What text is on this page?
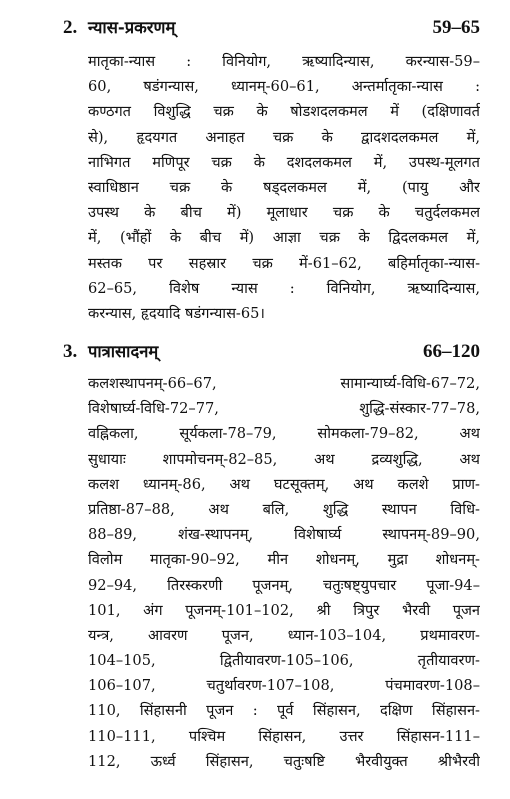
2. न्यास-प्रकरणम्	59–65
मातृका-न्यास : विनियोग, ऋष्यादिन्यास, करन्यास-59–
60, षडंगन्यास, ध्यानम्-60–61, अन्तर्मातृका-न्यास :
कण्ठगत विशुद्धि चक्र के षोडशदलकमल में (दक्षिणावर्त
से), हृदयगत अनाहत चक्र के द्वादशदलकमल में,
नाभिगत मणिपूर चक्र के दशदलकमल में, उपस्थ-मूलगत
स्वाधिष्ठान चक्र के षड्दलकमल में, (पायु और
उपस्थ के बीच में) मूलाधार चक्र के चतुर्दलकमल
में, (भौंहों के बीच में) आज्ञा चक्र के द्विदलकमल में,
मस्तक पर सहस्रार चक्र में-61–62, बहिर्मातृका-न्यास-
62–65, विशेष न्यास : विनियोग, ऋष्यादिन्यास,
करन्यास, हृदयादि षडंगन्यास-65।
3. पात्रासादनम्	66–120
कलशस्थापनम्-66–67, सामान्यार्घ्य-विधि-67–72,
विशेषार्घ्य-विधि-72–77, शुद्धि-संस्कार-77–78,
वह्निकला, सूर्यकला-78–79, सोमकला-79–82, अथ
सुधायाः शापमोचनम्-82–85, अथ द्रव्यशुद्धि, अथ
कलश ध्यानम्-86, अथ घटसूक्तम्, अथ कलशे प्राण-
प्रतिष्ठा-87–88, अथ बलि, शुद्धि स्थापन विधि-
88–89, शंख-स्थापनम्, विशेषार्घ्य स्थापनम्-89–90,
विलोम मातृका-90–92, मीन शोधनम्, मुद्रा शोधनम्-
92–94, तिरस्करणी पूजनम्, चतुःषष्ट्युपचार पूजा-94–
101, अंग पूजनम्-101–102, श्री त्रिपुर भैरवी पूजन
यन्त्र, आवरण पूजन, ध्यान-103–104, प्रथमावरण-
104–105, द्वितीयावरण-105–106, तृतीयावरण-
106–107, चतुर्थावरण-107–108, पंचमावरण-108–
110, सिंहासनी पूजन : पूर्व सिंहासन, दक्षिण सिंहासन-
110–111, पश्चिम सिंहासन, उत्तर सिंहासन-111–
112, ऊर्ध्व सिंहासन, चतुःषष्टि भैरवीयुक्त श्रीभैरवी
